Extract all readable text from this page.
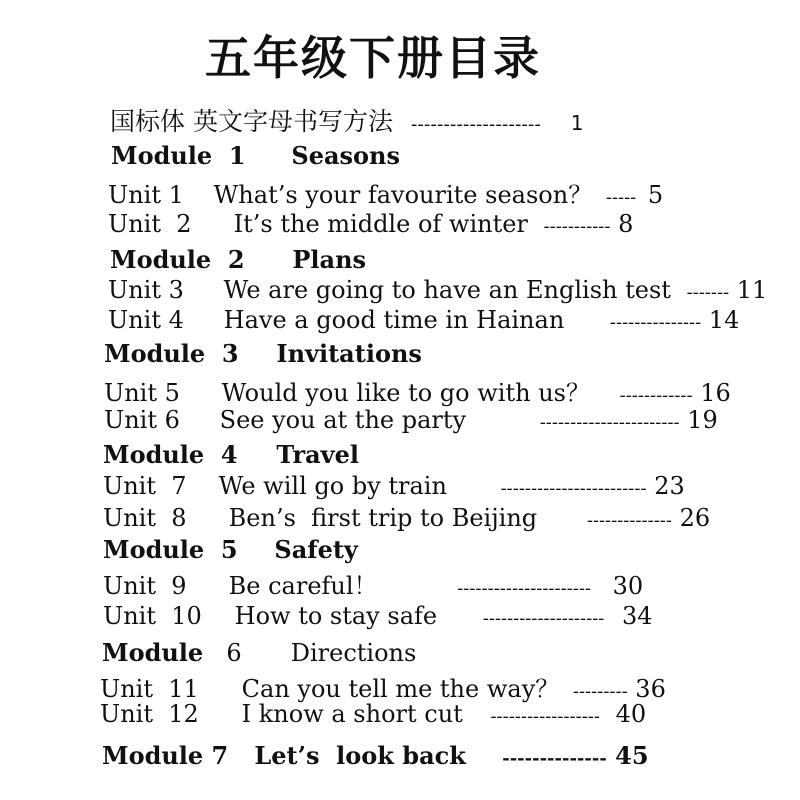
五年级下册目录
国标体 英文字母书写方法 -------------------- 1
Module  1 Seasons
Unit 1 What’s your favourite season？ ----- 5
Unit  2 It’s the middle of winter ----------- 8
Module  2 Plans
Unit 3 We are going to have an English test ------- 11
Unit 4 Have a good time in Hainan	--------------- 14
Module  3 Invitations
Unit 5 Would you like to go with us？ ------------ 16
Unit 6 See you at the party	----------------------- 19
Module  4 Travel
Unit  7 We will go by train	------------------------ 23
Unit  8 Ben’s  first trip to Beijing	-------------- 26
Module  5 Safety
Unit  9 Be careful！	---------------------- 30
Unit  10 How to stay safe	-------------------- 34
Module 6 Directions
Unit  11 Can you tell me the way？ --------- 36
Unit  12 I know a short cut ------------------ 40
Module 7 Let’s  look back -------------- 45
